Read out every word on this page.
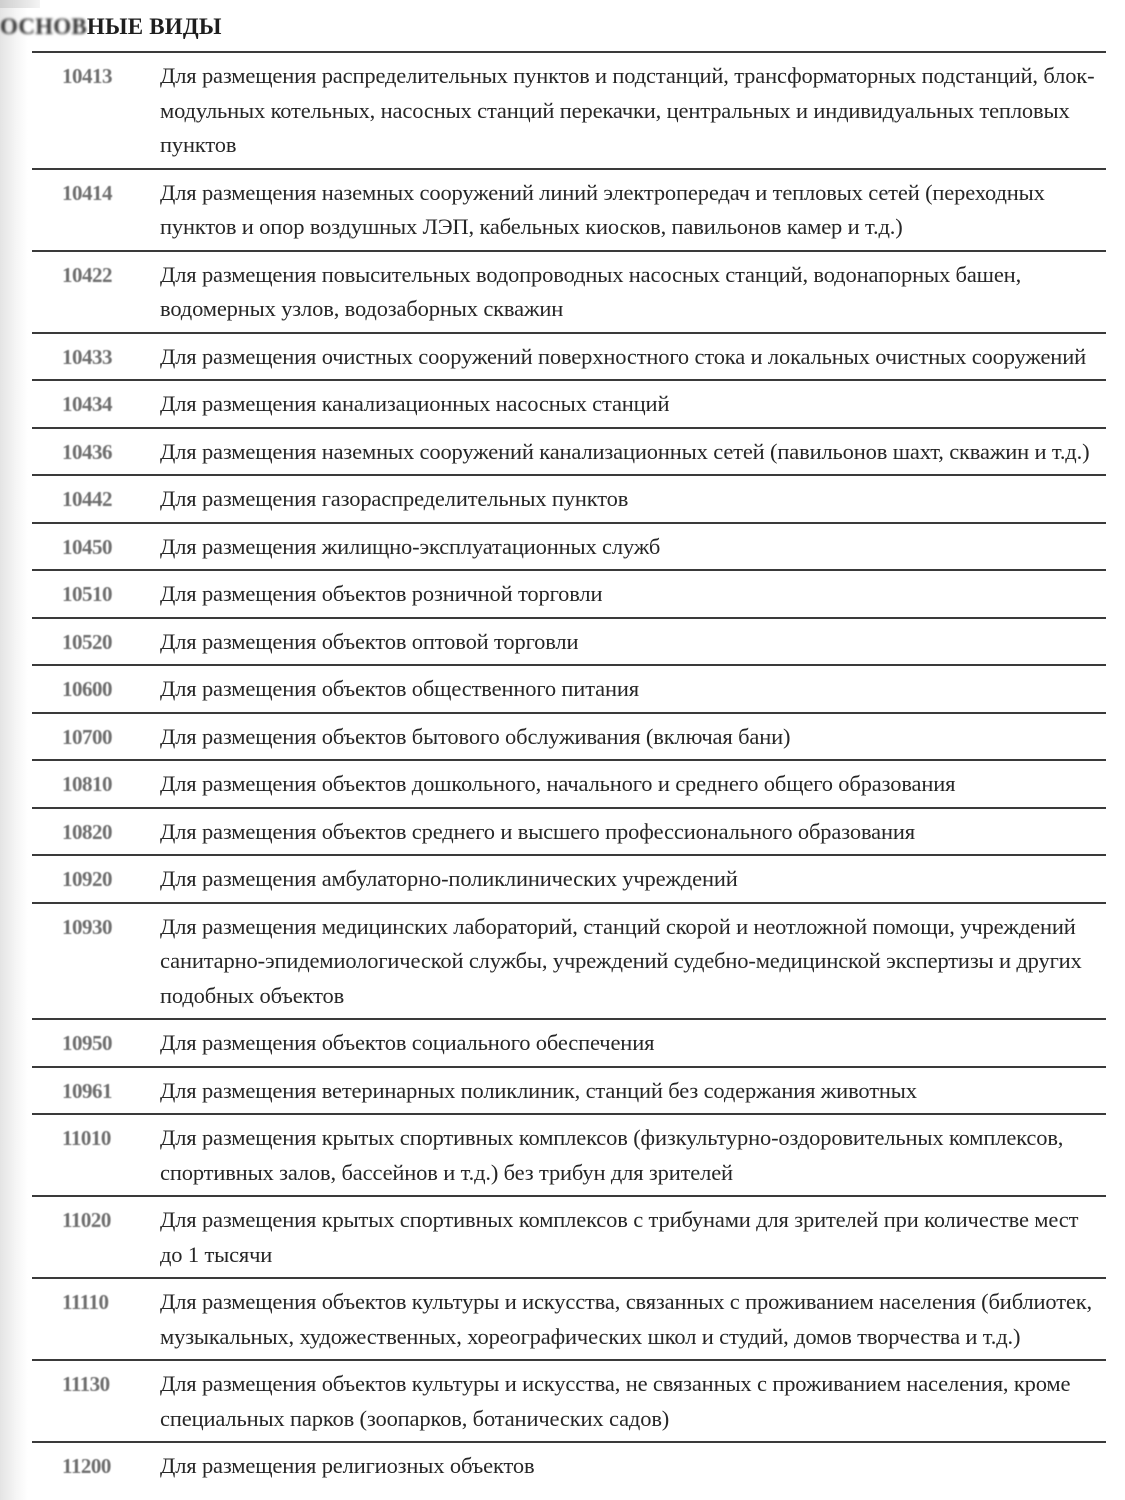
ОСНОВНЫЕ ВИДЫ
10413	Для размещения распределительных пунктов и подстанций, трансформаторных подстанций, блок-модульных котельных, насосных станций перекачки, центральных и индивидуальных тепловых пунктов
10414	Для размещения наземных сооружений линий электропередач и тепловых сетей (переходных пунктов и опор воздушных ЛЭП, кабельных киосков, павильонов камер и т.д.)
10422	Для размещения повысительных водопроводных насосных станций, водонапорных башен, водомерных узлов, водозаборных скважин
10433	Для размещения очистных сооружений поверхностного стока и локальных очистных сооружений
10434	Для размещения канализационных насосных станций
10436	Для размещения наземных сооружений канализационных сетей (павильонов шахт, скважин и т.д.)
10442	Для размещения газораспределительных пунктов
10450	Для размещения жилищно-эксплуатационных служб
10510	Для размещения объектов розничной торговли
10520	Для размещения объектов оптовой торговли
10600	Для размещения объектов общественного питания
10700	Для размещения объектов бытового обслуживания (включая бани)
10810	Для размещения объектов дошкольного, начального и среднего общего образования
10820	Для размещения объектов среднего и высшего профессионального образования
10920	Для размещения амбулаторно-поликлинических учреждений
10930	Для размещения медицинских лабораторий, станций скорой и неотложной помощи, учреждений санитарно-эпидемиологической службы, учреждений судебно-медицинской экспертизы и других подобных объектов
10950	Для размещения объектов социального обеспечения
10961	Для размещения ветеринарных поликлиник, станций без содержания животных
11010	Для размещения крытых спортивных комплексов (физкультурно-оздоровительных комплексов, спортивных залов, бассейнов и т.д.) без трибун для зрителей
11020	Для размещения крытых спортивных комплексов с трибунами для зрителей при количестве мест до 1 тысячи
11110	Для размещения объектов культуры и искусства, связанных с проживанием населения (библиотек, музыкальных, художественных, хореографических школ и студий, домов творчества и т.д.)
11130	Для размещения объектов культуры и искусства, не связанных с проживанием населения, кроме специальных парков (зоопарков, ботанических садов)
11200	Для размещения религиозных объектов
